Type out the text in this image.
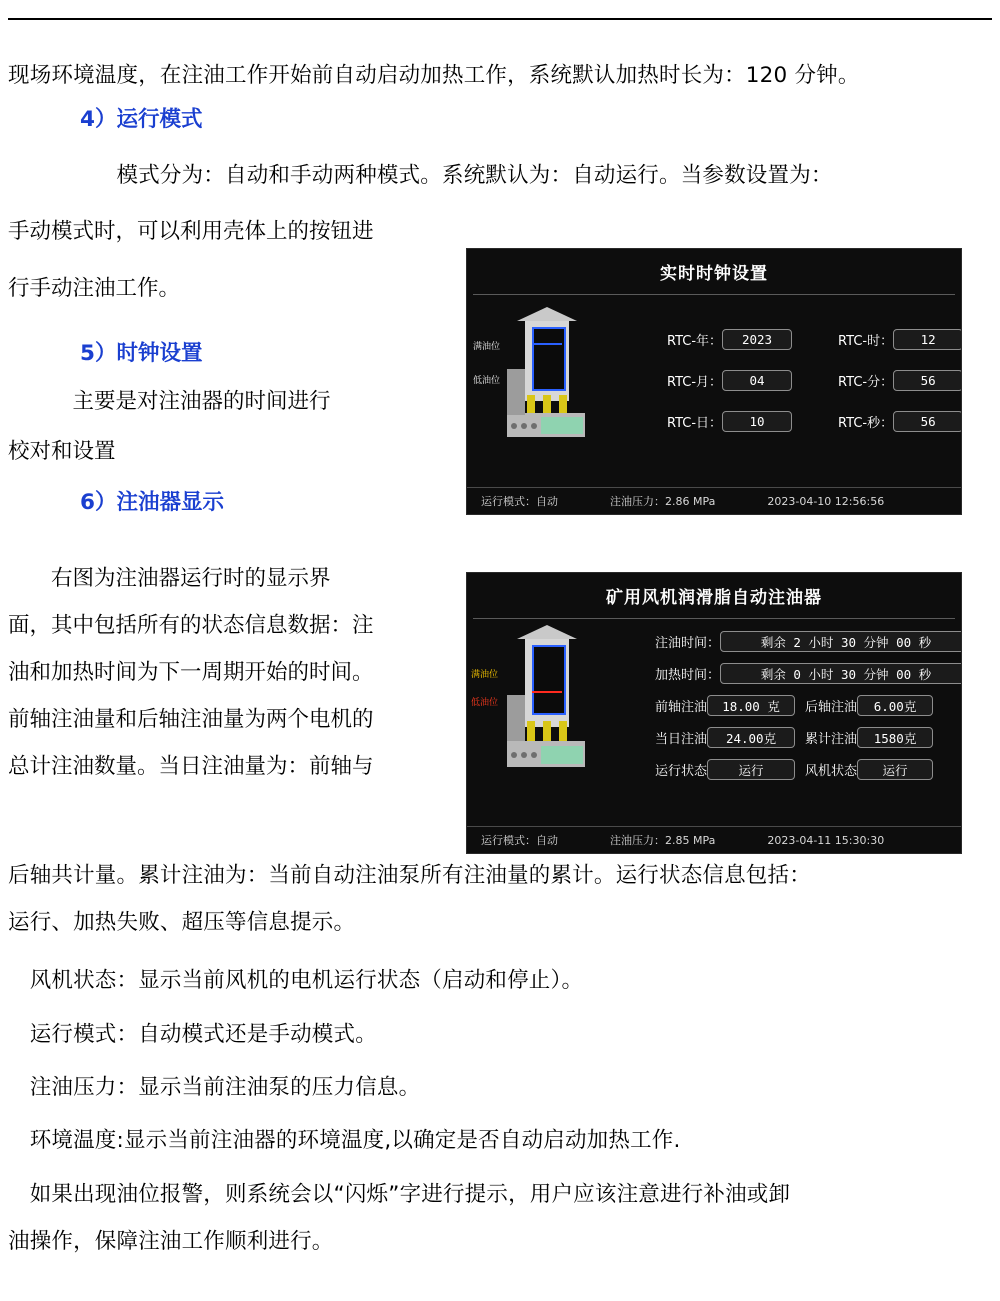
现场环境温度，在注油工作开始前自动启动加热工作，系统默认加热时长为：120 分钟。
4）运行模式
　　　　　模式分为：自动和手动两种模式。系统默认为：自动运行。当参数设置为：
手动模式时，可以利用壳体上的按钮进
行手动注油工作。
5）时钟设置
　　　主要是对注油器的时间进行
校对和设置
6）注油器显示
　　右图为注油器运行时的显示界
面，其中包括所有的状态信息数据：注
油和加热时间为下一周期开始的时间。
前轴注油量和后轴注油量为两个电机的
总计注油数量。当日注油量为：前轴与
后轴共计量。累计注油为：当前自动注油泵所有注油量的累计。运行状态信息包括：
运行、加热失败、超压等信息提示。
　风机状态：显示当前风机的电机运行状态（启动和停止）。
　运行模式：自动模式还是手动模式。
　注油压力：显示当前注油泵的压力信息。
　环境温度:显示当前注油器的环境温度,以确定是否自动启动加热工作.
　如果出现油位报警，则系统会以“闪烁”字进行提示，用户应该注意进行补油或卸
油操作，保障注油工作顺利进行。
实时时钟设置
满油位
低油位
RTC-年：	2023	RTC-时：	12
RTC-月：	04	RTC-分：	56
RTC-日：	10	RTC-秒：	56
运行模式：自动	注油压力：2.86 MPa	2023-04-10 12:56:56
矿用风机润滑脂自动注油器
满油位
低油位
注油时间：	剩余 2 小时 30 分钟 00 秒
加热时间：	剩余 0 小时 30 分钟 00 秒
前轴注油	18.00 克	后轴注油	6.00克
当日注油	24.00克	累计注油	1580克
运行状态	运行	风机状态	运行
运行模式：自动	注油压力：2.85 MPa	2023-04-11 15:30:30
